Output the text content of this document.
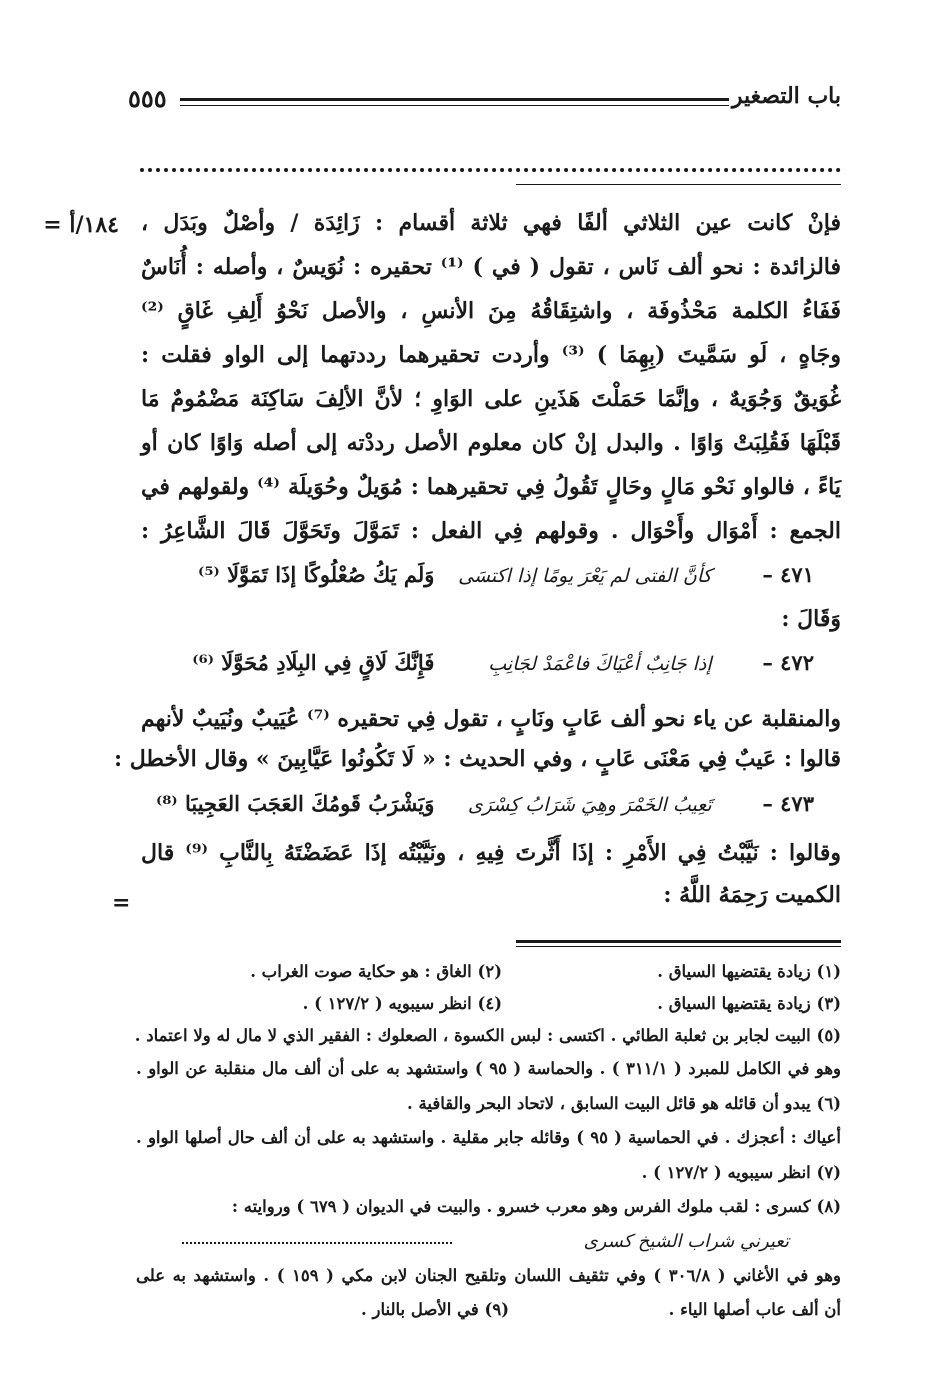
باب التصغير
٥٥٥
١٨٤/أ =
=
فإنْ كانت عين الثلاثي ألفًا فهي ثلاثة أقسام : زَائِدَة / وأصْلٌ وبَدَل ،
فالزائدة : نحو ألف نَاس ، تقول ( في ) ⁽¹⁾ تحقيره : نُوَيسٌ ، وأصله : أُنَاسٌ
فَفَاءُ الكلمة مَحْذُوفَة ، واشتِقَاقُهُ مِنَ الأنسِ ، والأصل نَحْوُ أَلِفِ غَاقٍ ⁽²⁾
وجَاهٍ ، لَو سَمَّيتَ (بِهِمَا ) ⁽³⁾ وأردت تحقيرهما رددتهما إلى الواو فقلت :
غُوَيقٌ وَجُوَيهٌ ، وإنَّمَا حَمَلْتَ هَذَينِ على الوَاوِ ؛ لأنَّ الألِفَ سَاكِنَة مَضْمُومٌ مَا
قَبْلَهَا فَقُلِبَتْ وَاوًا . والبدل إنْ كان معلوم الأصل رددْته إلى أصله وَاوًا كان أو
يَاءً ، فالواو نَحْو مَالٍ وحَالٍ تَقُولُ فِي تحقيرهما : مُوَيلٌ وحُوَيلَة ⁽⁴⁾ ولقولهم في
الجمع : أَمْوَال وأَحْوَال . وقولهم فِي الفعل : تَمَوَّلَ وتَحَوَّلَ قَالَ الشَّاعِرُ :
٤٧١ – كأنَّ الفتى لم يَعْرَ يومًا إذا اكتسَى وَلَم يَكُ صُعْلُوكًا إذَا تَمَوَّلَا ⁽⁵⁾
وَقَالَ :
٤٧٢ – إذا جَانِبٌ أعْيَاكَ فاعْمَدْ لجَانِبِ فَإِنَّكَ لَاقٍ فِي البِلَادِ مُحَوَّلَا ⁽⁶⁾
والمنقلبة عن ياء نحو ألف عَابٍ ونَابٍ ، تقول فِي تحقيره ⁽⁷⁾ عُيَيبٌ ونُيَيبٌ لأنهم
قالوا : عَيبٌ فِي مَعْنَى عَابٍ ، وفي الحديث : « لَا تَكُونُوا عَيَّابِينَ » وقال الأخطل :
٤٧٣ – تَعِيبُ الخَمْرَ وهِيَ شَرَابُ كِسْرَى وَيَشْرَبُ قَومُكَ العَجَبَ العَجِيبَا ⁽⁸⁾
وقالوا : نَيَّبْتُ فِي الأَمْرِ : إذَا أَثَّرتَ فِيهِ ، ونَيَّبْتُه إذَا عَضَضْتَهُ بِالنَّابِ ⁽⁹⁾ قال
الكميت رَحِمَهُ اللَّهُ :
(١) زيادة يقتضيها السياق .
(٢) الغاق : هو حكاية صوت الغراب .
(٣) زيادة يقتضيها السياق .
(٤) انظر سيبويه ( ١٢٧/٢ ) .
(٥) البيت لجابر بن ثعلبة الطائي . اكتسى : لبس الكسوة ، الصعلوك : الفقير الذي لا مال له ولا اعتماد .
وهو في الكامل للمبرد ( ٣١١/١ ) . والحماسة ( ٩٥ ) واستشهد به على أن ألف مال منقلبة عن الواو .
(٦) يبدو أن قائله هو قائل البيت السابق ، لاتحاد البحر والقافية .
أعياك : أعجزك . في الحماسية ( ٩٥ ) وقائله جابر مقلية . واستشهد به على أن ألف حال أصلها الواو .
(٧) انظر سيبويه ( ١٢٧/٢ ) .
(٨) كسرى : لقب ملوك الفرس وهو معرب خسرو . والبيت في الديوان ( ٦٧٩ ) وروايته :
تعيرني شراب الشيخ كسرى
وهو في الأغاني ( ٣٠٦/٨ ) وفي تثقيف اللسان وتلقيح الجنان لابن مكي ( ١٥٩ ) . واستشهد به على
أن ألف عاب أصلها الياء .
(٩) في الأصل بالنار .
